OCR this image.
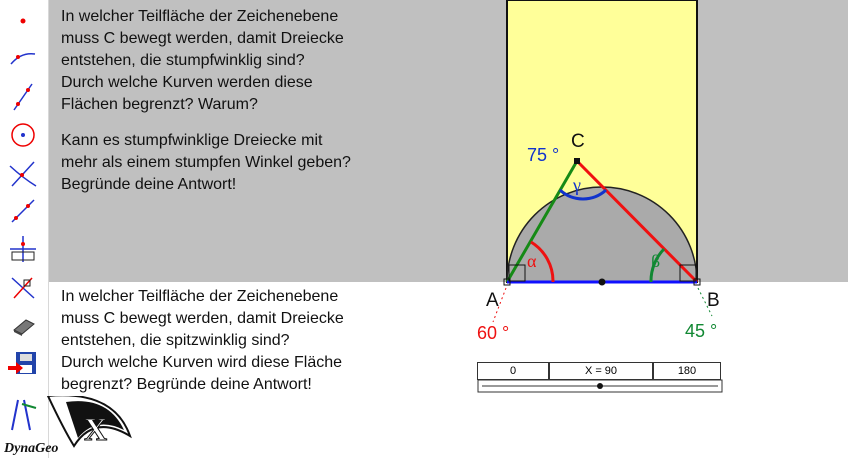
X
DynaGeo

In welcher Teilfläche der Zeichenebene
muss C bewegt werden, damit Dreiecke
entstehen, die stumpfwinklig sind?
Durch welche Kurven werden diese
Flächen begrenzt? Warum?

Kann es stumpfwinklige Dreiecke mit
mehr als einem stumpfen Winkel geben?
Begründe deine Antwort!

In welcher Teilfläche der Zeichenebene
muss C bewegt werden, damit Dreiecke
entstehen, die spitzwinklig sind?
Durch welche Kurven wird diese Fläche
begrenzt? Begründe deine Antwort!

C
A	B
α	β
γ
75 °
60 °	45 °
0	X = 90	180
